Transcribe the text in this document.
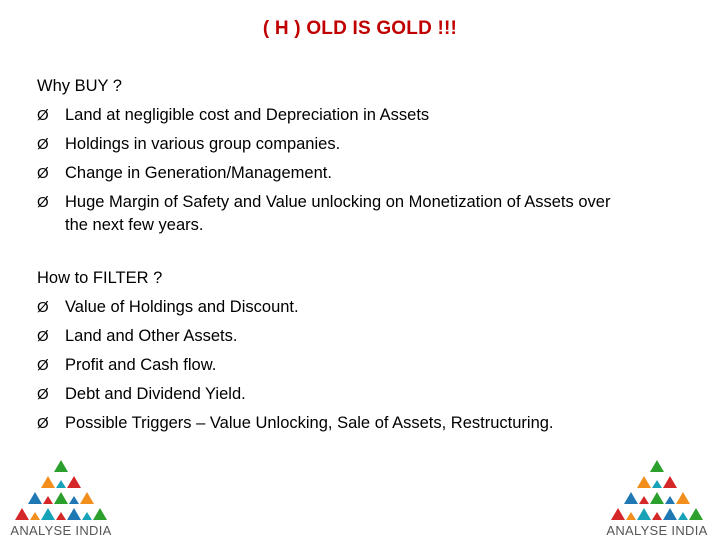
( H ) OLD IS GOLD !!!

Why BUY ?

Ø Land at negligible cost and Depreciation in Assets
Ø Holdings in various group companies.
Ø Change in Generation/Management.
Ø Huge Margin of Safety and Value unlocking on Monetization of Assets over
the next few years.

How to FILTER ?

Ø Value of Holdings and Discount.
Ø Land and Other Assets.
Ø Profit and Cash flow.
Ø Debt and Dividend Yield.
Ø Possible Triggers – Value Unlocking, Sale of Assets, Restructuring.
ANALYSE INDIA	ANALYSE INDIA
